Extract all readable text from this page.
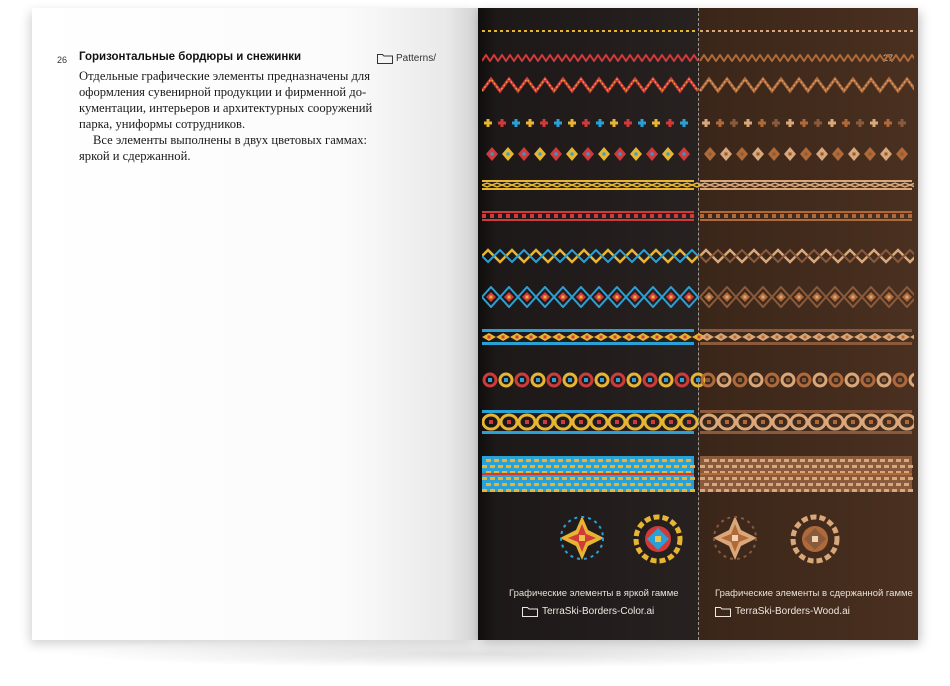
26 Горизонтальные бордюры и снежинки

Отдельные графические элементы предназначены для оформления сувенирной продукции и фирменной до-кументации, интерьеров и архитектурных сооружений парка, униформы сотрудников.

Все элементы выполнены в двух цветовых гаммах: яркой и сдержанной.

Patterns/	27
Графические элементы в яркой гамме
TerraSki-Borders-Color.ai
Графические элементы в сдержанной гамме
TerraSki-Borders-Wood.ai
